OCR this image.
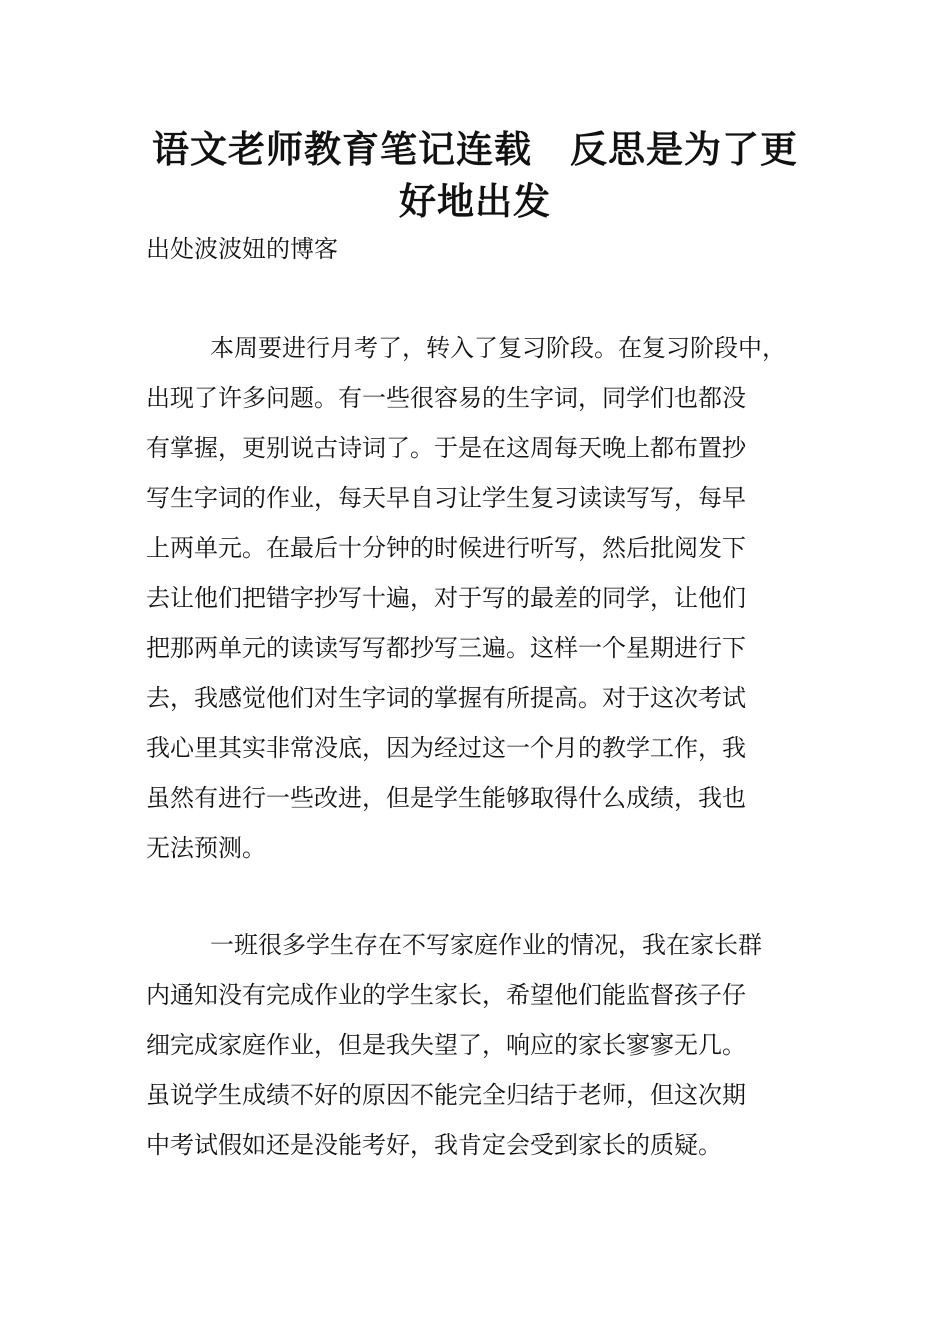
语文老师教育笔记连载　反思是为了更
好地出发

出处波波妞的博客

本周要进行月考了，转入了复习阶段。在复习阶段中，
出现了许多问题。有一些很容易的生字词，同学们也都没
有掌握，更别说古诗词了。于是在这周每天晚上都布置抄
写生字词的作业，每天早自习让学生复习读读写写，每早
上两单元。在最后十分钟的时候进行听写，然后批阅发下
去让他们把错字抄写十遍，对于写的最差的同学，让他们
把那两单元的读读写写都抄写三遍。这样一个星期进行下
去，我感觉他们对生字词的掌握有所提高。对于这次考试
我心里其实非常没底，因为经过这一个月的教学工作，我
虽然有进行一些改进，但是学生能够取得什么成绩，我也
无法预测。
一班很多学生存在不写家庭作业的情况，我在家长群
内通知没有完成作业的学生家长，希望他们能监督孩子仔
细完成家庭作业，但是我失望了，响应的家长寥寥无几。
虽说学生成绩不好的原因不能完全归结于老师，但这次期
中考试假如还是没能考好，我肯定会受到家长的质疑。
